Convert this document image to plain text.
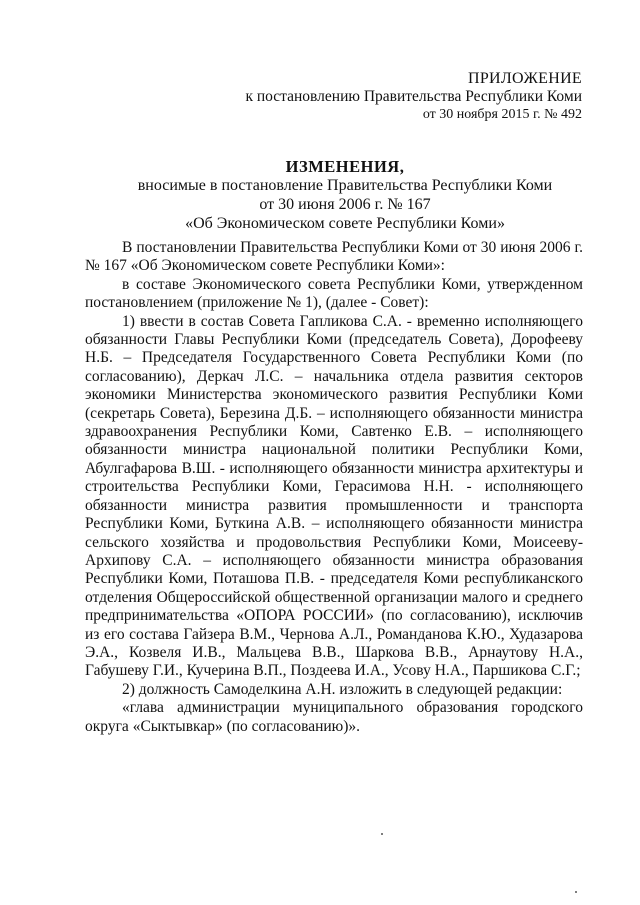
ПРИЛОЖЕНИЕ
к постановлению Правительства Республики Коми
от 30 ноября 2015 г. № 492
ИЗМЕНЕНИЯ,
вносимые в постановление Правительства Республики Коми
от 30 июня 2006 г. № 167
«Об Экономическом совете Республики Коми»

В постановлении Правительства Республики Коми от 30 июня 2006 г. № 167 «Об Экономическом совете Республики Коми»:

в составе Экономического совета Республики Коми, утвержденном постановлением (приложение № 1), (далее - Совет):

1) ввести в состав Совета Гапликова С.А. - временно исполняющего обязанности Главы Республики Коми (председатель Совета), Дорофееву Н.Б. – Председателя Государственного Совета Республики Коми (по согласованию), Деркач Л.С. – начальника отдела развития секторов экономики Министерства экономического развития Республики Коми (секретарь Совета), Березина Д.Б. – исполняющего обязанности министра здравоохранения Республики Коми, Савтенко Е.В. – исполняющего обязанности министра национальной политики Республики Коми, Абулгафарова В.Ш. - исполняющего обязанности министра архитектуры и строительства Республики Коми, Герасимова Н.Н. - исполняющего обязанности министра развития промышленности и транспорта Республики Коми, Буткина А.В. – исполняющего обязанности министра сельского хозяйства и продовольствия Республики Коми, Моисееву-Архипову С.А. – исполняющего обязанности министра образования Республики Коми, Поташова П.В. - председателя Коми республиканского отделения Общероссийской общественной организации малого и среднего предпринимательства «ОПОРА РОССИИ» (по согласованию), исключив из его состава Гайзера В.М., Чернова А.Л., Романданова К.Ю., Худазарова Э.А., Козвеля И.В., Мальцева В.В., Шаркова В.В., Арнаутову Н.А., Габушеву Г.И., Кучерина В.П., Поздеева И.А., Усову Н.А., Паршикова С.Г.;

2) должность Самоделкина А.Н. изложить в следующей редакции:

«глава администрации муниципального образования городского округа «Сыктывкар» (по согласованию)».
